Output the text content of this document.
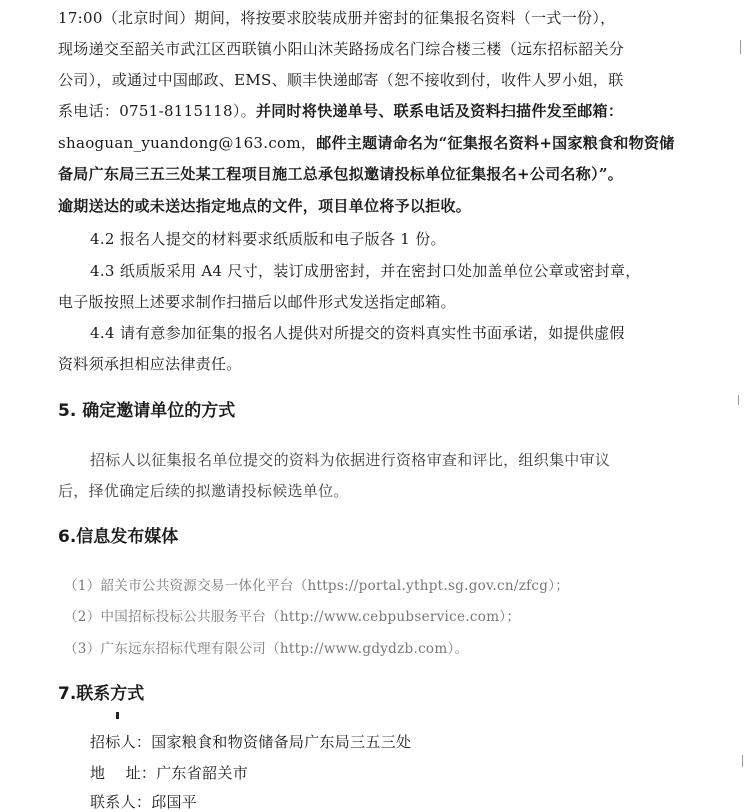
17:00（北京时间）期间，将按要求胶装成册并密封的征集报名资料（一式一份），
现场递交至韶关市武江区西联镇小阳山沐芙路扬成名门综合楼三楼（远东招标韶关分
公司），或通过中国邮政、EMS、顺丰快递邮寄（恕不接收到付，收件人罗小姐，联
系电话：0751-8115118）。并同时将快递单号、联系电话及资料扫描件发至邮箱：
shaoguan_yuandong@163.com，邮件主题请命名为“征集报名资料+国家粮食和物资储
备局广东局三五三处某工程项目施工总承包拟邀请投标单位征集报名+公司名称）”。
逾期送达的或未送达指定地点的文件，项目单位将予以拒收。
4.2 报名人提交的材料要求纸质版和电子版各 1 份。
4.3 纸质版采用 A4 尺寸，装订成册密封，并在密封口处加盖单位公章或密封章，
电子版按照上述要求制作扫描后以邮件形式发送指定邮箱。
4.4 请有意参加征集的报名人提供对所提交的资料真实性书面承诺，如提供虚假
资料须承担相应法律责任。
5. 确定邀请单位的方式
招标人以征集报名单位提交的资料为依据进行资格审查和评比，组织集中审议
后，择优确定后续的拟邀请投标候选单位。
6.信息发布媒体
（1）韶关市公共资源交易一体化平台（https://portal.ythpt.sg.gov.cn/zfcg）；
（2）中国招标投标公共服务平台（http://www.cebpubservice.com）；
（3）广东远东招标代理有限公司（http://www.gdydzb.com）。
7.联系方式
招标人：国家粮食和物资储备局广东局三五三处
地    址：广东省韶关市
联系人：邱国平
